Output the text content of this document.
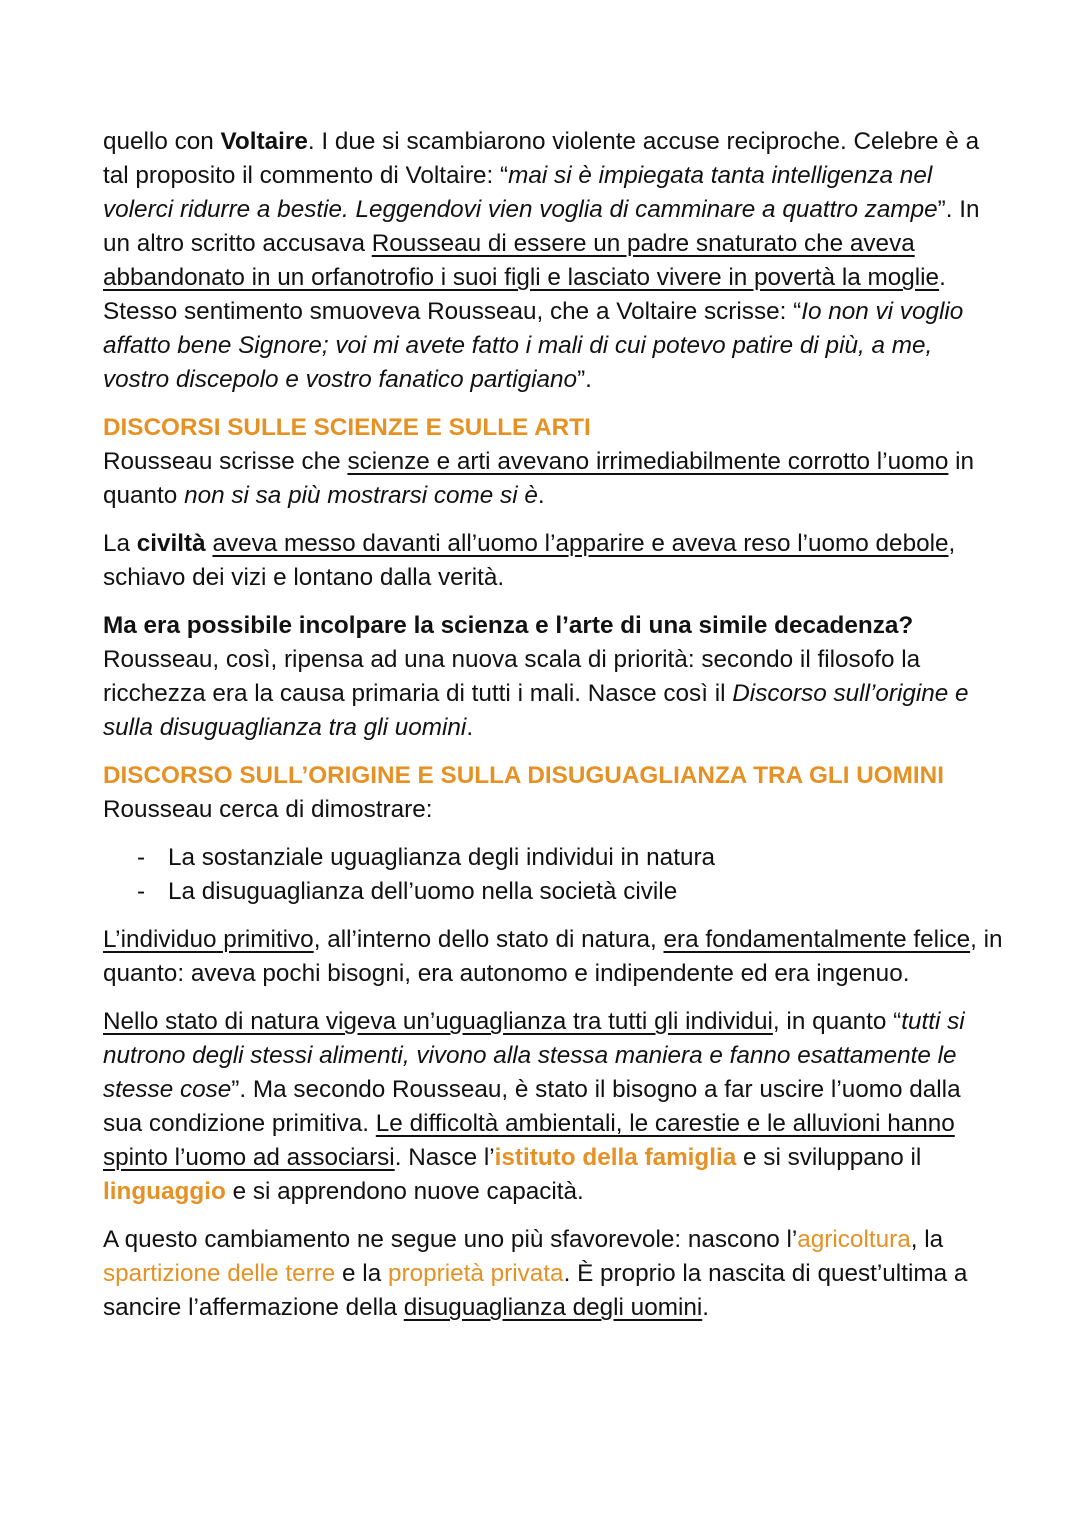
quello con Voltaire. I due si scambiarono violente accuse reciproche. Celebre è a tal proposito il commento di Voltaire: “mai si è impiegata tanta intelligenza nel volerci ridurre a bestie. Leggendovi vien voglia di camminare a quattro zampe”. In un altro scritto accusava Rousseau di essere un padre snaturato che aveva abbandonato in un orfanotrofio i suoi figli e lasciato vivere in povertà la moglie. Stesso sentimento smuoveva Rousseau, che a Voltaire scrisse: “Io non vi voglio affatto bene Signore; voi mi avete fatto i mali di cui potevo patire di più, a me, vostro discepolo e vostro fanatico partigiano”.

DISCORSI SULLE SCIENZE E SULLE ARTI

Rousseau scrisse che scienze e arti avevano irrimediabilmente corrotto l’uomo in quanto non si sa più mostrarsi come si è.

La civiltà aveva messo davanti all’uomo l’apparire e aveva reso l’uomo debole, schiavo dei vizi e lontano dalla verità.

Ma era possibile incolpare la scienza e l’arte di una simile decadenza?
Rousseau, così, ripensa ad una nuova scala di priorità: secondo il filosofo la ricchezza era la causa primaria di tutti i mali. Nasce così il Discorso sull’origine e sulla disuguaglianza tra gli uomini.

DISCORSO SULL’ORIGINE E SULLA DISUGUAGLIANZA TRA GLI UOMINI

Rousseau cerca di dimostrare:

- La sostanziale uguaglianza degli individui in natura
- La disuguaglianza dell’uomo nella società civile

L’individuo primitivo, all’interno dello stato di natura, era fondamentalmente felice, in quanto: aveva pochi bisogni, era autonomo e indipendente ed era ingenuo.

Nello stato di natura vigeva un’uguaglianza tra tutti gli individui, in quanto “tutti si nutrono degli stessi alimenti, vivono alla stessa maniera e fanno esattamente le stesse cose”. Ma secondo Rousseau, è stato il bisogno a far uscire l’uomo dalla sua condizione primitiva. Le difficoltà ambientali, le carestie e le alluvioni hanno spinto l’uomo ad associarsi. Nasce l’istituto della famiglia e si sviluppano il linguaggio e si apprendono nuove capacità.

A questo cambiamento ne segue uno più sfavorevole: nascono l’agricoltura, la spartizione delle terre e la proprietà privata. È proprio la nascita di quest’ultima a sancire l’affermazione della disuguaglianza degli uomini.
